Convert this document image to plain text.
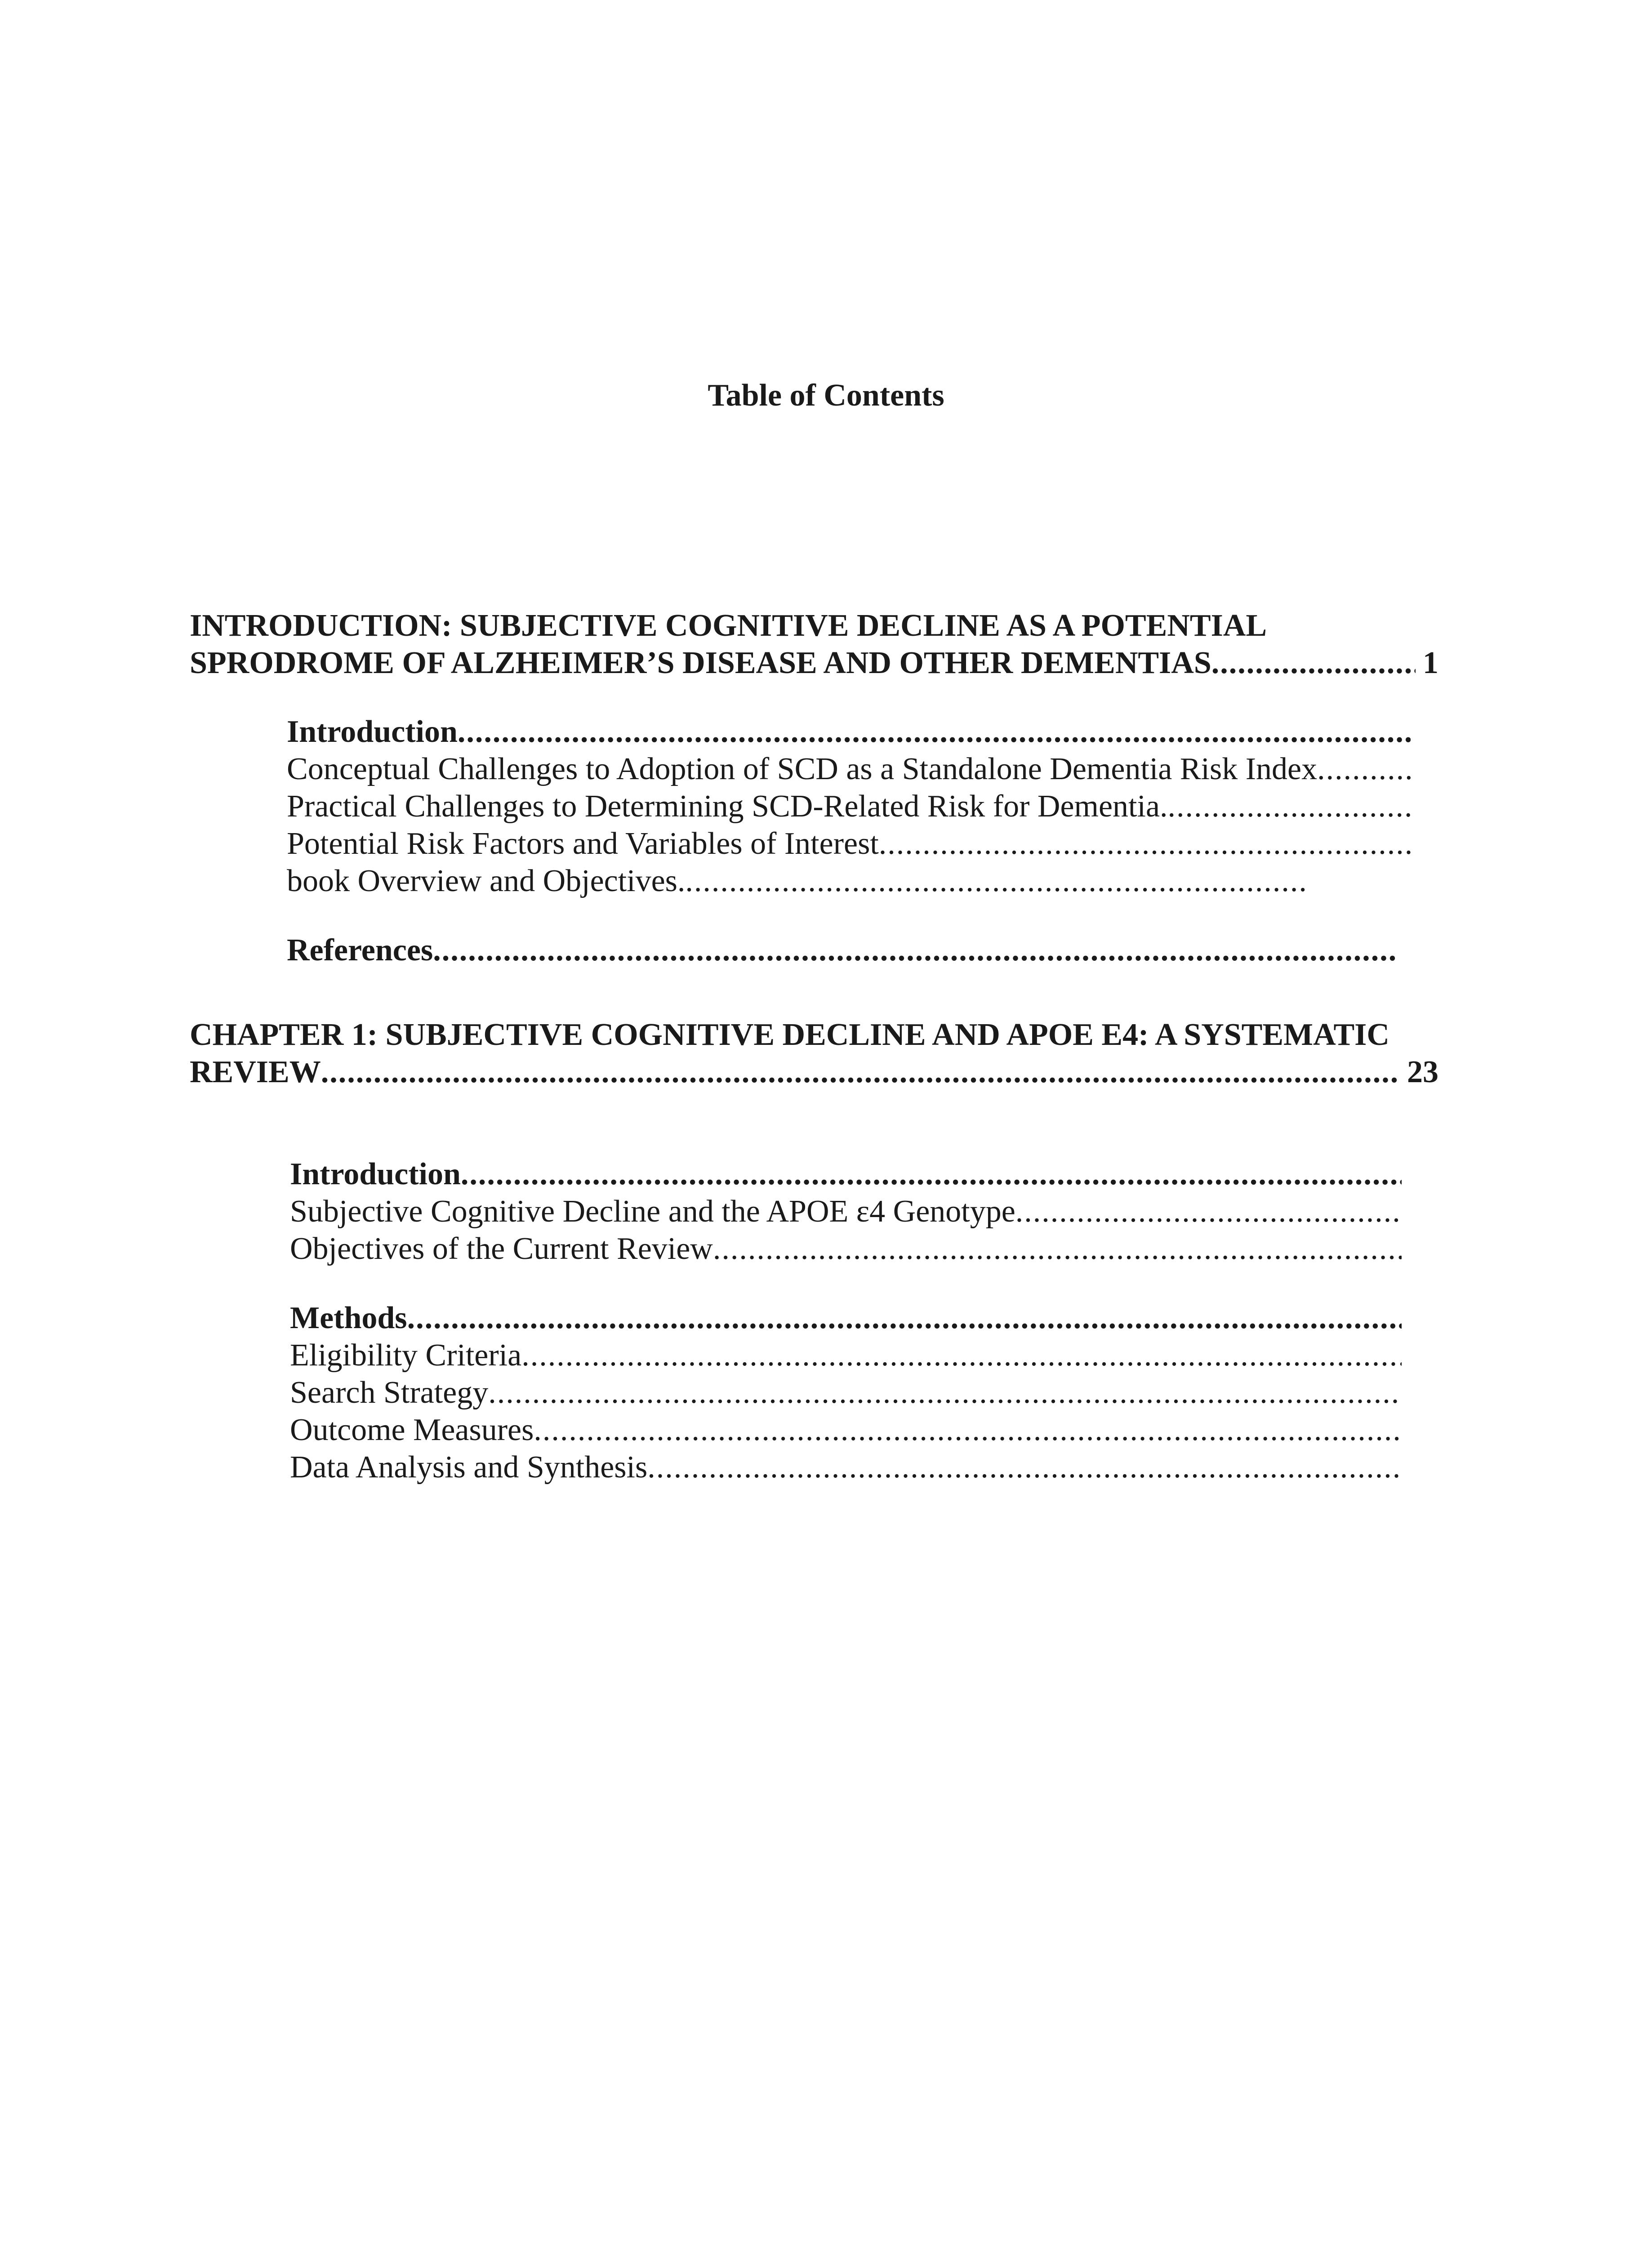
Table of Contents
INTRODUCTION: SUBJECTIVE COGNITIVE DECLINE AS A POTENTIAL
SPRODROME OF ALZHEIMER’S DISEASE AND OTHER DEMENTIAS .....	1
Introduction
.....
Conceptual Challenges to Adoption of SCD as a Standalone Dementia Risk Index
.....
Practical Challenges to Determining SCD-Related Risk for Dementia.
.....
Potential Risk Factors and Variables of Interest
.....
book Overview and Objectives.
.....
References
.....
CHAPTER 1: SUBJECTIVE COGNITIVE DECLINE AND APOE E4: A SYSTEMATIC
REVIEW .....	23
Introduction
.....
Subjective Cognitive Decline and the APOE ε4 Genotype
.....
Objectives of the Current Review
.....
Methods
.....
Eligibility Criteria
.....
Search Strategy
.....
Outcome Measures
.....
Data Analysis and Synthesis
.....
